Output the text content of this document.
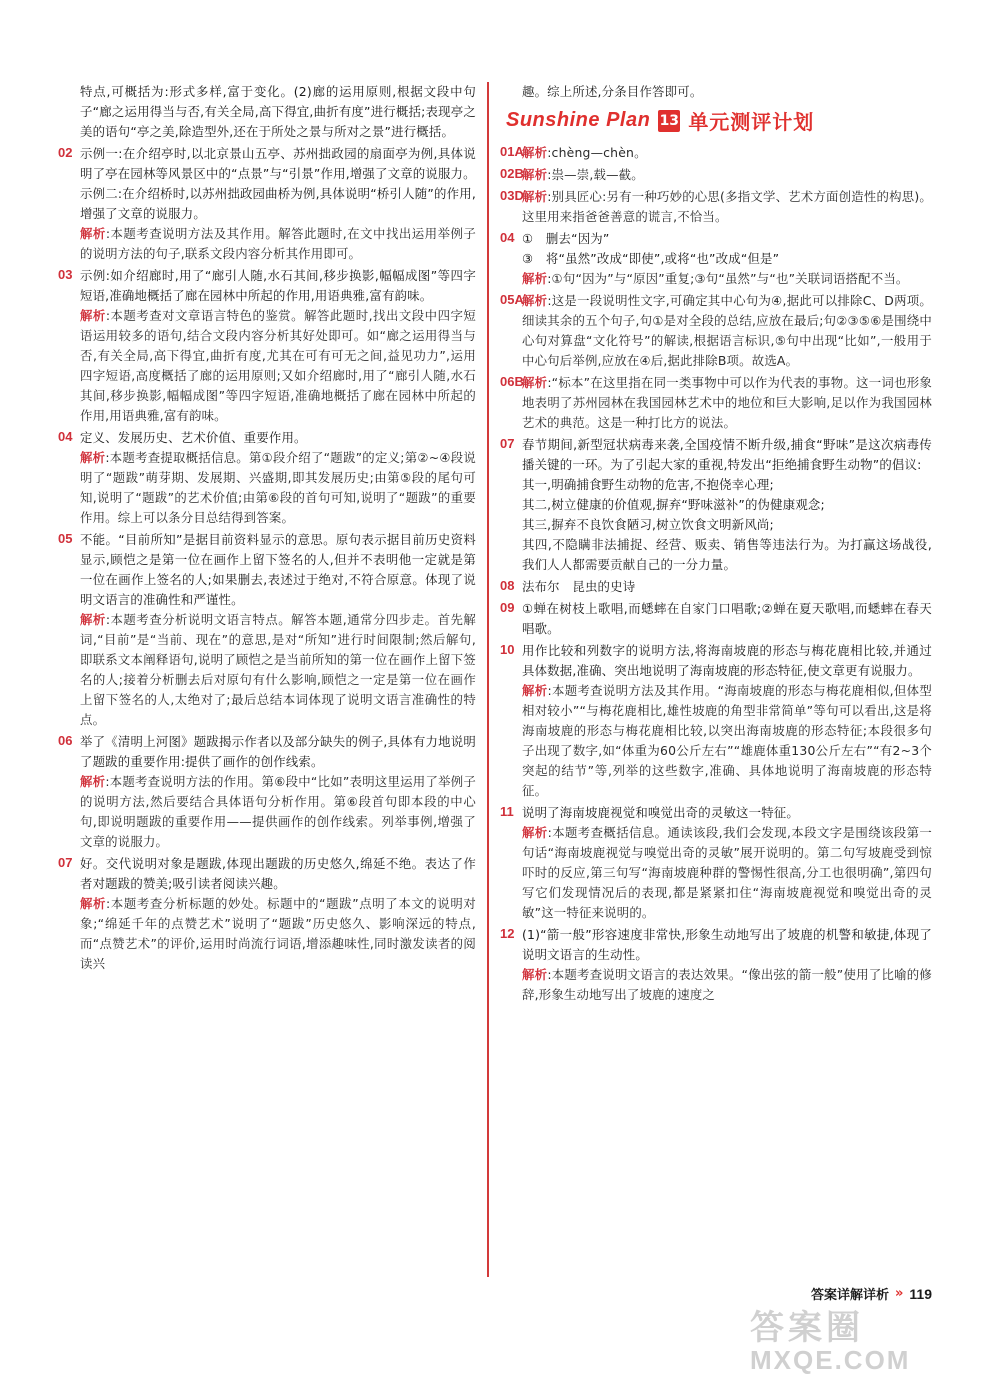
特点,可概括为:形式多样,富于变化。(2)廊的运用原则,根据文段中句子“廊之运用得当与否,有关全局,高下得宜,曲折有度”进行概括;表现亭之美的语句“亭之美,除造型外,还在于所处之景与所对之景”进行概括。

02 示例一:在介绍亭时,以北京景山五亭、苏州拙政园的扇面亭为例,具体说明了亭在园林等风景区中的“点景”与“引景”作用,增强了文章的说服力。

示例二:在介绍桥时,以苏州拙政园曲桥为例,具体说明“桥引人随”的作用,增强了文章的说服力。

解析:本题考查说明方法及其作用。解答此题时,在文中找出运用举例子的说明方法的句子,联系文段内容分析其作用即可。

03 示例:如介绍廊时,用了“廊引人随,水石其间,移步换影,幅幅成图”等四字短语,准确地概括了廊在园林中所起的作用,用语典雅,富有韵味。

解析:本题考查对文章语言特色的鉴赏。解答此题时,找出文段中四字短语运用较多的语句,结合文段内容分析其好处即可。如“廊之运用得当与否,有关全局,高下得宜,曲折有度,尤其在可有可无之间,益见功力”,运用四字短语,高度概括了廊的运用原则;又如介绍廊时,用了“廊引人随,水石其间,移步换影,幅幅成图”等四字短语,准确地概括了廊在园林中所起的作用,用语典雅,富有韵味。

04 定义、发展历史、艺术价值、重要作用。

解析:本题考查提取概括信息。第①段介绍了“题跋”的定义;第②~④段说明了“题跋”萌芽期、发展期、兴盛期,即其发展历史;由第⑤段的尾句可知,说明了“题跋”的艺术价值;由第⑥段的首句可知,说明了“题跋”的重要作用。综上可以条分目总结得到答案。

05 不能。“目前所知”是据目前资料显示的意思。原句表示据目前历史资料显示,顾恺之是第一位在画作上留下签名的人,但并不表明他一定就是第一位在画作上签名的人;如果删去,表述过于绝对,不符合原意。体现了说明文语言的准确性和严谨性。

解析:本题考查分析说明文语言特点。解答本题,通常分四步走。首先解词,“目前”是“当前、现在”的意思,是对“所知”进行时间限制;然后解句,即联系文本阐释语句,说明了顾恺之是当前所知的第一位在画作上留下签名的人;接着分析删去后对原句有什么影响,顾恺之一定是第一位在画作上留下签名的人,太绝对了;最后总结本词体现了说明文语言准确性的特点。

06 举了《清明上河图》题跋揭示作者以及部分缺失的例子,具体有力地说明了题跋的重要作用:提供了画作的创作线索。

解析:本题考查说明方法的作用。第⑥段中“比如”表明这里运用了举例子的说明方法,然后要结合具体语句分析作用。第⑥段首句即本段的中心句,即说明题跋的重要作用——提供画作的创作线索。列举事例,增强了文章的说服力。

07 好。交代说明对象是题跋,体现出题跋的历史悠久,绵延不绝。表达了作者对题跋的赞美;吸引读者阅读兴趣。

解析:本题考查分析标题的妙处。标题中的“题跋”点明了本文的说明对象;“绵延千年的点赞艺术”说明了“题跋”历史悠久、影响深远的特点,而“点赞艺术”的评价,运用时尚流行词语,增添趣味性,同时激发读者的阅读兴

趣。综上所述,分条目作答即可。

Sunshine Plan 13 单元测评计划
01A

解析:chèng—chèn。

02B

解析:祟—崇,载—截。

03D

解析:别具匠心:另有一种巧妙的心思(多指文学、艺术方面创造性的构思)。这里用来指爸爸善意的谎言,不恰当。

04 ①　删去“因为”

③　将“虽然”改成“即使”,或将“也”改成“但是”

解析:①句“因为”与“原因”重复;③句“虽然”与“也”关联词语搭配不当。

05A

解析:这是一段说明性文字,可确定其中心句为④,据此可以排除C、D两项。细读其余的五个句子,句①是对全段的总结,应放在最后;句②③⑤⑥是围绕中心句对算盘“文化符号”的解读,根据语言标识,⑤句中出现“比如”,一般用于中心句后举例,应放在④后,据此排除B项。故选A。

06B

解析:“标本”在这里指在同一类事物中可以作为代表的事物。这一词也形象地表明了苏州园林在我国园林艺术中的地位和巨大影响,足以作为我国园林艺术的典范。这是一种打比方的说法。

07 春节期间,新型冠状病毒来袭,全国疫情不断升级,捕食“野味”是这次病毒传播关键的一环。为了引起大家的重视,特发出“拒绝捕食野生动物”的倡议:

其一,明确捕食野生动物的危害,不抱侥幸心理;

其二,树立健康的价值观,摒弃“野味滋补”的伪健康观念;

其三,摒弃不良饮食陋习,树立饮食文明新风尚;

其四,不隐瞒非法捕捉、经营、贩卖、销售等违法行为。为打赢这场战役,我们人人都需要贡献自己的一分力量。

08 法布尔　昆虫的史诗

09 ①蝉在树枝上歌唱,而蟋蟀在自家门口唱歌;②蝉在夏天歌唱,而蟋蟀在春天唱歌。

10 用作比较和列数字的说明方法,将海南坡鹿的形态与梅花鹿相比较,并通过具体数据,准确、突出地说明了海南坡鹿的形态特征,使文章更有说服力。

解析:本题考查说明方法及其作用。“海南坡鹿的形态与梅花鹿相似,但体型相对较小”“与梅花鹿相比,雄性坡鹿的角型非常简单”等句可以看出,这是将海南坡鹿的形态与梅花鹿相比较,以突出海南坡鹿的形态特征;本段很多句子出现了数字,如“体重为60公斤左右”“雄鹿体重130公斤左右”“有2~3个突起的结节”等,列举的这些数字,准确、具体地说明了海南坡鹿的形态特征。

11 说明了海南坡鹿视觉和嗅觉出奇的灵敏这一特征。

解析:本题考查概括信息。通读该段,我们会发现,本段文字是围绕该段第一句话“海南坡鹿视觉与嗅觉出奇的灵敏”展开说明的。第二句写坡鹿受到惊吓时的反应,第三句写“海南坡鹿种群的警惕性很高,分工也很明确”,第四句写它们发现情况后的表现,都是紧紧扣住“海南坡鹿视觉和嗅觉出奇的灵敏”这一特征来说明的。

12 (1)“箭一般”形容速度非常快,形象生动地写出了坡鹿的机警和敏捷,体现了说明文语言的生动性。

解析:本题考查说明文语言的表达效果。“像出弦的箭一般”使用了比喻的修辞,形象生动地写出了坡鹿的速度之

答案详解详析 » 119
答案圈
MXQE.COM
